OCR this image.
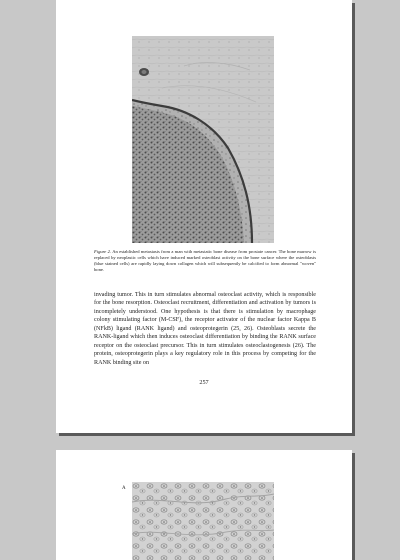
Figure 2. An established metastasis from a man with metastatic bone disease from prostate cancer. The bone marrow is replaced by neoplastic cells which have induced marked osteoblast activity on the bone surface where the osteoblasts (blue stained cells) are rapidly laying down collagen which will subsequently be calcified to form abnormal "woven" bone.

invading tumor. This in turn stimulates abnormal osteoclast activity, which is responsible for the bone resorption. Osteoclast recruitment, differentiation and activation by tumors is incompletely understood. One hypothesis is that there is stimulation by macrophage colony stimulating factor (M-CSF), the receptor activator of the nuclear factor Kappa B (NFkB) ligand (RANK ligand) and osteoprotegerin (25, 26). Osteoblasts secrete the RANK-ligand which then induces osteoclast differentiation by binding the RANK surface receptor on the osteoclast precursor. This in turn stimulates osteoclastogenesis (26). The protein, osteoprotegerin plays a key regulatory role in this process by competing for the RANK binding site on

257

A
